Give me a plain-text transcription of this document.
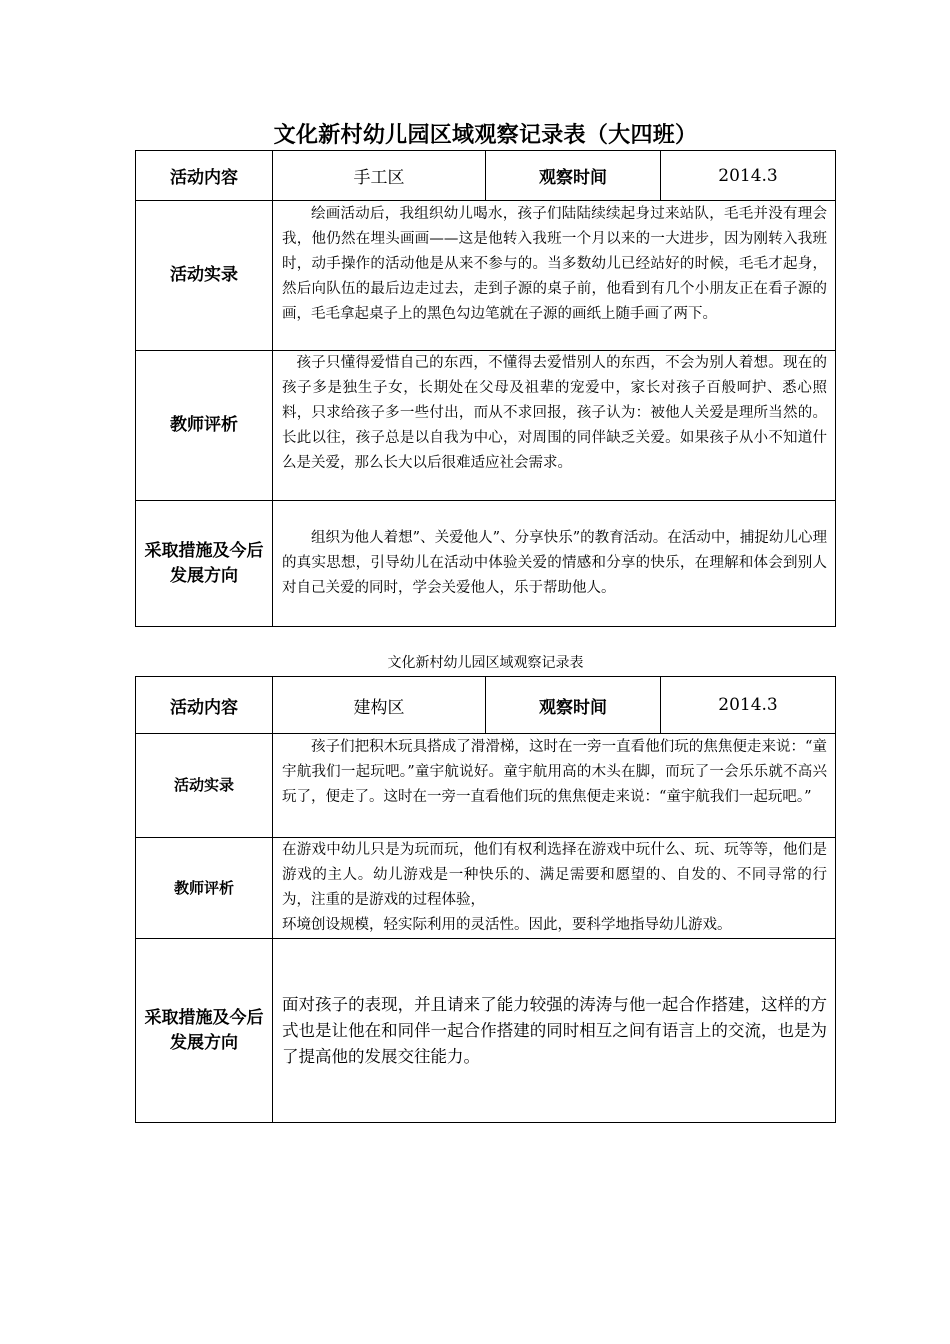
文化新村幼儿园区域观察记录表（大四班）
活动内容	手工区	观察时间	2014.3
活动实录	绘画活动后，我组织幼儿喝水，孩子们陆陆续续起身过来站队，毛毛并没有理会我，他仍然在埋头画画——这是他转入我班一个月以来的一大进步，因为刚转入我班时，动手操作的活动他是从来不参与的。当多数幼儿已经站好的时候，毛毛才起身，然后向队伍的最后边走过去，走到子源的桌子前，他看到有几个小朋友正在看子源的画，毛毛拿起桌子上的黑色勾边笔就在子源的画纸上随手画了两下。		

教师评析	孩子只懂得爱惜自己的东西，不懂得去爱惜别人的东西，不会为别人着想。现在的孩子多是独生子女，长期处在父母及祖辈的宠爱中，家长对孩子百般呵护、悉心照料，只求给孩子多一些付出，而从不求回报，孩子认为：被他人关爱是理所当然的。长此以往，孩子总是以自我为中心，对周围的同伴缺乏关爱。如果孩子从小不知道什么是关爱，那么长大以后很难适应社会需求。		

采取措施及今后发展方向	组织为他人着想”、关爱他人”、分享快乐”的教育活动。在活动中，捕捉幼儿心理的真实思想，引导幼儿在活动中体验关爱的情感和分享的快乐，在理解和体会到别人对自己关爱的同时，学会关爱他人，乐于帮助他人。		
文化新村幼儿园区域观察记录表
活动内容	建构区	观察时间	2014.3
活动实录	孩子们把积木玩具搭成了滑滑梯，这时在一旁一直看他们玩的焦焦便走来说：“童宇航我们一起玩吧。”童宇航说好。童宇航用高的木头在脚，而玩了一会乐乐就不高兴玩了，便走了。这时在一旁一直看他们玩的焦焦便走来说：“童宇航我们一起玩吧。”		

教师评析	在游戏中幼儿只是为玩而玩，他们有权利选择在游戏中玩什么、玩、玩等等，他们是游戏的主人。幼儿游戏是一种快乐的、满足需要和愿望的、自发的、不同寻常的行为，注重的是游戏的过程体验，
环境创设规模，轻实际利用的灵活性。因此，要科学地指导幼儿游戏。		

采取措施及今后发展方向	面对孩子的表现，并且请来了能力较强的涛涛与他一起合作搭建，这样的方式也是让他在和同伴一起合作搭建的同时相互之间有语言上的交流，也是为了提高他的发展交往能力。		
